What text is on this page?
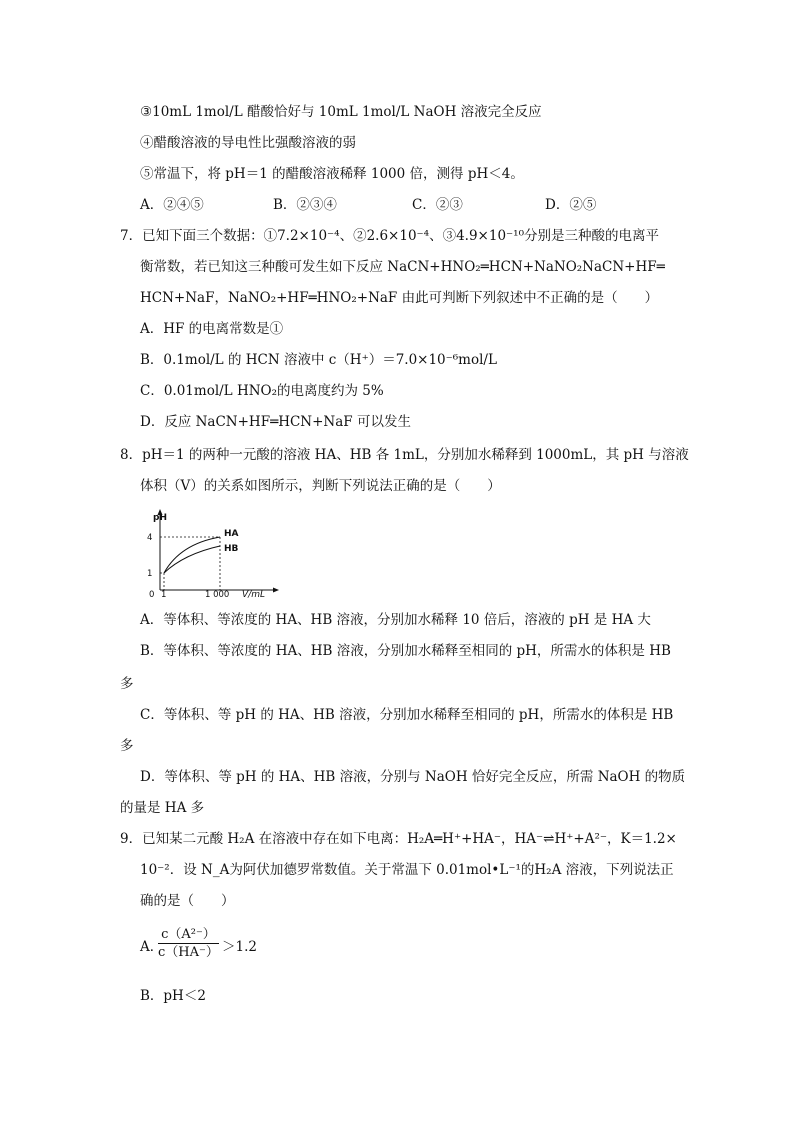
③10mL 1mol/L 醋酸恰好与 10mL 1mol/L NaOH 溶液完全反应
④醋酸溶液的导电性比强酸溶液的弱
⑤常温下，将 pH＝1 的醋酸溶液稀释 1000 倍，测得 pH＜4。
A．②④⑤	B．②③④	C．②③	D．②⑤
7．已知下面三个数据：①7.2×10⁻⁴、②2.6×10⁻⁴、③4.9×10⁻¹⁰分别是三种酸的电离平
衡常数，若已知这三种酸可发生如下反应 NaCN+HNO₂═HCN+NaNO₂NaCN+HF═
HCN+NaF，NaNO₂+HF═HNO₂+NaF 由此可判断下列叙述中不正确的是（　　）
A．HF 的电离常数是①
B．0.1mol/L 的 HCN 溶液中 c（H⁺）＝7.0×10⁻⁶mol/L
C．0.01mol/L HNO₂的电离度约为 5%
D．反应 NaCN+HF═HCN+NaF 可以发生
8．pH＝1 的两种一元酸的溶液 HA、HB 各 1mL，分别加水稀释到 1000mL，其 pH 与溶液
体积（V）的关系如图所示，判断下列说法正确的是（　　）
pH
V/mL
0 1	1 000
1
4	HA
HB
A．等体积、等浓度的 HA、HB 溶液，分别加水稀释 10 倍后，溶液的 pH 是 HA 大
B．等体积、等浓度的 HA、HB 溶液，分别加水稀释至相同的 pH，所需水的体积是 HB
多
C．等体积、等 pH 的 HA、HB 溶液，分别加水稀释至相同的 pH，所需水的体积是 HB
多
D．等体积、等 pH 的 HA、HB 溶液，分别与 NaOH 恰好完全反应，所需 NaOH 的物质
的量是 HA 多
9．已知某二元酸 H₂A 在溶液中存在如下电离：H₂A═H⁺+HA⁻，HA⁻⇌H⁺+A²⁻，K＝1.2×
10⁻²．设 N_A为阿伏加德罗常数值。关于常温下 0.01mol•L⁻¹的H₂A 溶液，下列说法正
确的是（　　）
A．
$\frac{\text{c（A²⁻）}}{c(HA^-)} >1.2$
B．pH＜2
